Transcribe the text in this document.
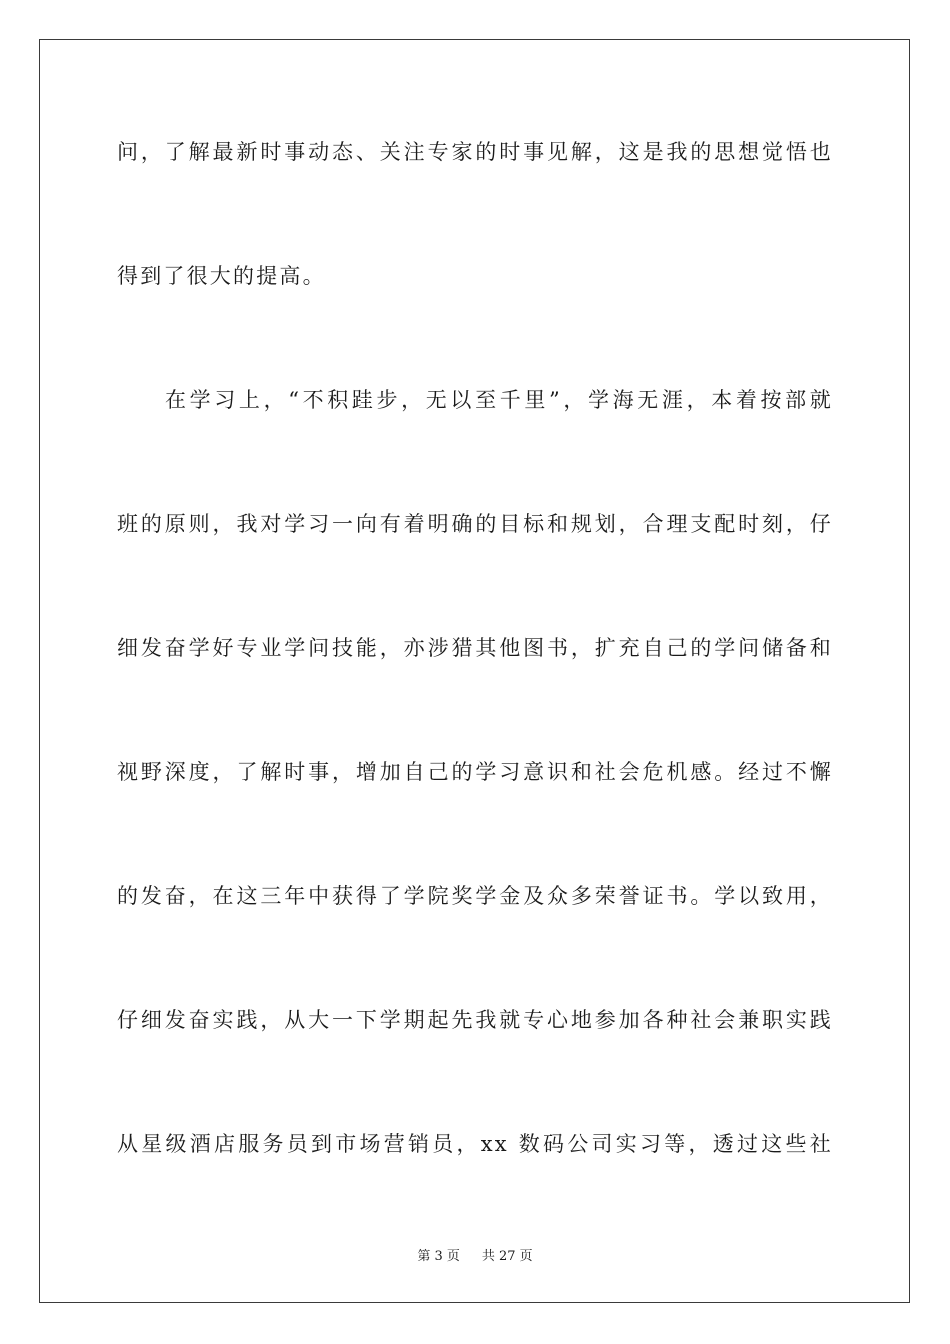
问，了解最新时事动态、关注专家的时事见解，这是我的思想觉悟也
得到了很大的提高。
在学习上，“不积跬步，无以至千里”，学海无涯，本着按部就
班的原则，我对学习一向有着明确的目标和规划，合理支配时刻，仔
细发奋学好专业学问技能，亦涉猎其他图书，扩充自己的学问储备和
视野深度，了解时事，增加自己的学习意识和社会危机感。经过不懈
的发奋，在这三年中获得了学院奖学金及众多荣誉证书。学以致用，
仔细发奋实践，从大一下学期起先我就专心地参加各种社会兼职实践
从星级酒店服务员到市场营销员，xx 数码公司实习等，透过这些社
第 3 页 共 27 页
